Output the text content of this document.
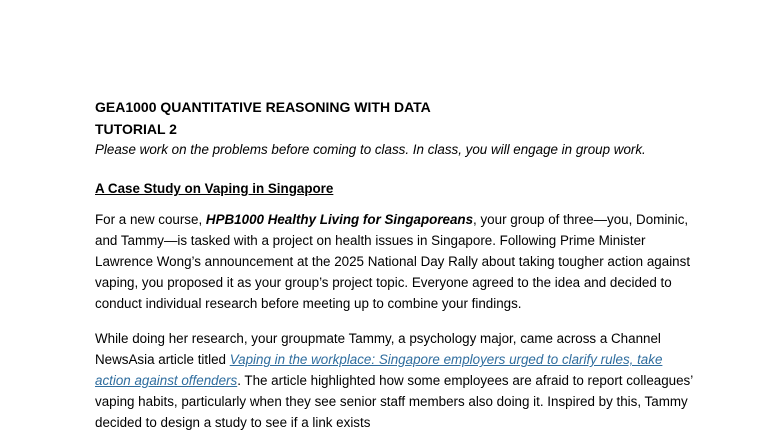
GEA1000 QUANTITATIVE REASONING WITH DATA

TUTORIAL 2

Please work on the problems before coming to class. In class, you will engage in group work.

A Case Study on Vaping in Singapore

For a new course, HPB1000 Healthy Living for Singaporeans, your group of three—you, Dominic, and Tammy—is tasked with a project on health issues in Singapore. Following Prime Minister Lawrence Wong’s announcement at the 2025 National Day Rally about taking tougher action against vaping, you proposed it as your group’s project topic. Everyone agreed to the idea and decided to conduct individual research before meeting up to combine your findings.

While doing her research, your groupmate Tammy, a psychology major, came across a Channel NewsAsia article titled Vaping in the workplace: Singapore employers urged to clarify rules, take action against offenders. The article highlighted how some employees are afraid to report colleagues’ vaping habits, particularly when they see senior staff members also doing it. Inspired by this, Tammy decided to design a study to see if a link exists
